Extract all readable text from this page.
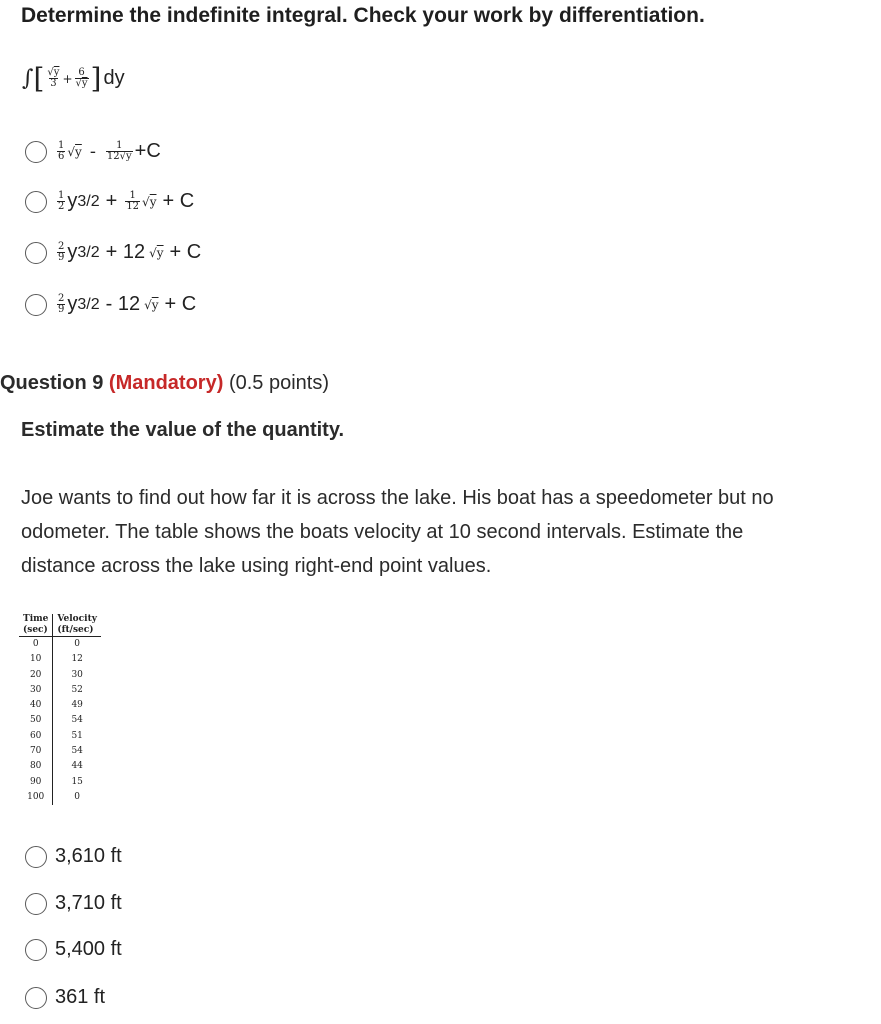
Determine the indefinite integral. Check your work by differentiation.
∫ [ $\frac{√y}{3} + \frac{6}{√y}$ ] dy
$\frac{1}{6} √y - \frac{1}{12√y} +C$
$\frac{1}{2}$ y $3/2 + \frac{1}{12} √y + C$
$\frac{2}{9}$ y 3/2 + 12 √y + C
$\frac{2}{9}$ y 3/2 - 12 √y + C
Question 9 (Mandatory) (0.5 points)
Estimate the value of the quantity.
Joe wants to find out how far it is across the lake. His boat has a speedometer but no
odometer. The table shows the boats velocity at 10 second intervals. Estimate the
distance across the lake using right-end point values.
Time	Velocity
(sec)	(ft/sec)
0	0
10	12
20	30
30	52
40	49
50	54
60	51
70	54
80	44
90	15
100	0
3,610 ft
3,710 ft
5,400 ft
361 ft
